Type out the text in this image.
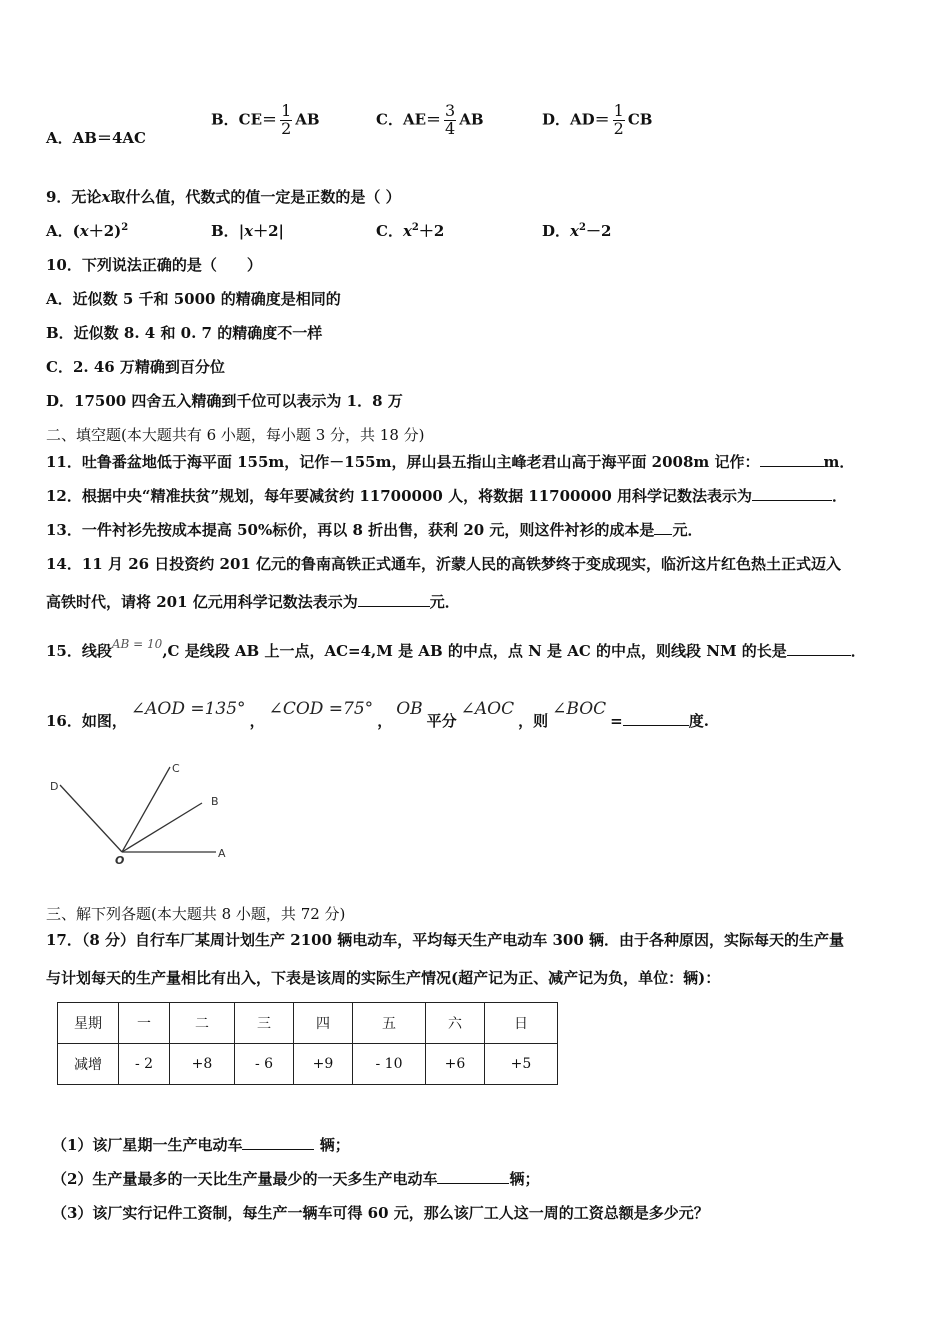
A．AB＝4AC
B．$CE= \frac{1}{2}$ AB	C．$AE= \frac{3}{4}$ AB	D．$AD= \frac{1}{2}$ CB
9．无论x取什么值，代数式的值一定是正数的是（ ）
A．$(x+2)^2$	B．|x＋2|	C．$x^2+2$	D．$x^2-2$
10．下列说法正确的是（　　）
A．近似数 5 千和 5000 的精确度是相同的
B．近似数 8. 4 和 0. 7 的精确度不一样
C．2. 46 万精确到百分位
D．17500 四舍五入精确到千位可以表示为 1．8 万
二、填空题(本大题共有 6 小题，每小题 3 分，共 18 分)
11．吐鲁番盆地低于海平面 155m，记作－155m，屏山县五指山主峰老君山高于海平面 2008m 记作：	m．
12．根据中央“精准扶贫”规划，每年要减贫约 11700000 人，将数据 11700000 用科学记数法表示为	．
13．一件衬衫先按成本提高 50%标价，再以 8 折出售，获利 20 元，则这件衬衫的成本是 元．
14．11 月 26 日投资约 201 亿元的鲁南高铁正式通车，沂蒙人民的高铁梦终于变成现实，临沂这片红色热土正式迈入
高铁时代，请将 201 亿元用科学记数法表示为	元．
15．线段$^{AB = 10}$,C 是线段 AB 上一点，AC=4,M 是 AB 的中点，点 N 是 AC 的中点，则线段 NM 的长是	．
16．如图，∠AOD =135°，∠COD =75°，OB平分∠AOC，则∠BOC=	度.
O
A
B
C
D
三、解下列各题(本大题共 8 小题，共 72 分)
17．（8 分）自行车厂某周计划生产 2100 辆电动车，平均每天生产电动车 300 辆．由于各种原因，实际每天的生产量
与计划每天的生产量相比有出入，下表是该周的实际生产情况(超产记为正、减产记为负，单位：辆)：
星期	一	二	三	四	五	六	日
减增	- 2	+8	- 6	+9	- 10	+6	+5
（1）该厂星期一生产电动车	辆；
（2）生产量最多的一天比生产量最少的一天多生产电动车	辆；
（3）该厂实行记件工资制，每生产一辆车可得 60 元，那么该厂工人这一周的工资总额是多少元？
